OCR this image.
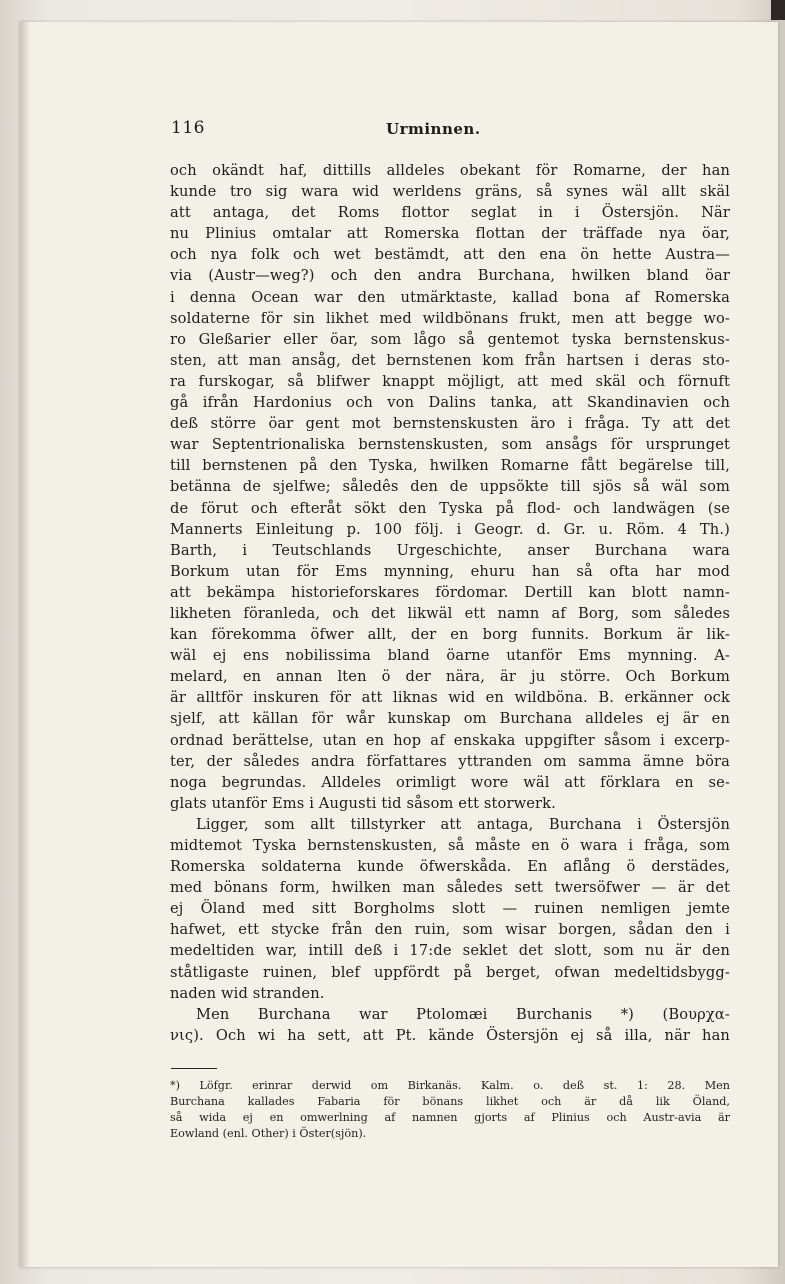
116	Urminnen.
och okändt haf, dittills alldeles obekant för Romarne, der han
kunde tro sig wara wid werldens gräns, så synes wäl allt skäl
att antaga, det Roms flottor seglat in i Östersjön. När
nu Plinius omtalar att Romerska flottan der träffade nya öar,
och nya folk och wet bestämdt, att den ena ön hette Austra—
via (Austr—weg?) och den andra Burchana, hwilken bland öar
i denna Ocean war den utmärktaste, kallad bona af Romerska
soldaterne för sin likhet med wildbönans frukt, men att begge wo-
ro Gleßarier eller öar, som lågo så gentemot tyska bernstenskus-
sten, att man ansåg, det bernstenen kom från hartsen i deras sto-
ra furskogar, så blifwer knappt möjligt, att med skäl och förnuft
gå ifrån Hardonius och von Dalins tanka, att Skandinavien och
deß större öar gent mot bernstenskusten äro i fråga. Ty att det
war Septentrionaliska bernstenskusten, som ansågs för ursprunget
till bernstenen på den Tyska, hwilken Romarne fått begärelse till,
betänna de sjelfwe; såledês den de uppsökte till sjös så wäl som
de förut och efteråt sökt den Tyska på flod- och landwägen (se
Mannerts Einleitung p. 100 följ. i Geogr. d. Gr. u. Röm. 4 Th.)
Barth, i Teutschlands Urgeschichte, anser Burchana wara
Borkum utan för Ems mynning, ehuru han så ofta har mod
att bekämpa historieforskares fördomar. Dertill kan blott namn-
likheten föranleda, och det likwäl ett namn af Borg, som således
kan förekomma öfwer allt, der en borg funnits. Borkum är lik-
wäl ej ens nobilissima bland öarne utanför Ems mynning. A-
melard, en annan lten ö der nära, är ju större. Och Borkum
är alltför inskuren för att liknas wid en wildböna. B. erkänner ock
sjelf, att källan för wår kunskap om Burchana alldeles ej är en
ordnad berättelse, utan en hop af enskaka uppgifter såsom i excerp-
ter, der således andra författares yttranden om samma ämne böra
noga begrundas. Alldeles orimligt wore wäl att förklara en se-
glats utanför Ems i Augusti tid såsom ett storwerk.
Ligger, som allt tillstyrker att antaga, Burchana i Östersjön
midtemot Tyska bernstenskusten, så måste en ö wara i fråga, som
Romerska soldaterna kunde öfwerskåda. En aflång ö derstädes,
med bönans form, hwilken man således sett twersöfwer — är det
ej Öland med sitt Borgholms slott — ruinen nemligen jemte
hafwet, ett stycke från den ruin, som wisar borgen, sådan den i
medeltiden war, intill deß i 17:de seklet det slott, som nu är den
ståtligaste ruinen, blef uppfördt på berget, ofwan medeltidsbygg-
naden wid stranden.
Men Burchana war Ptolomæi Burchanis *) (Βουρχα-
νις). Och wi ha sett, att Pt. kände Östersjön ej så illa, när han
*) Löfgr. erinrar derwid om Birkanäs. Kalm. o. deß st. 1: 28. Men
Burchana kallades Fabaria för bönans likhet och är då lik Öland,
så wida ej en omwerlning af namnen gjorts af Plinius och Austr-avia är
Eowland (enl. Other) i Öster(sjön).
